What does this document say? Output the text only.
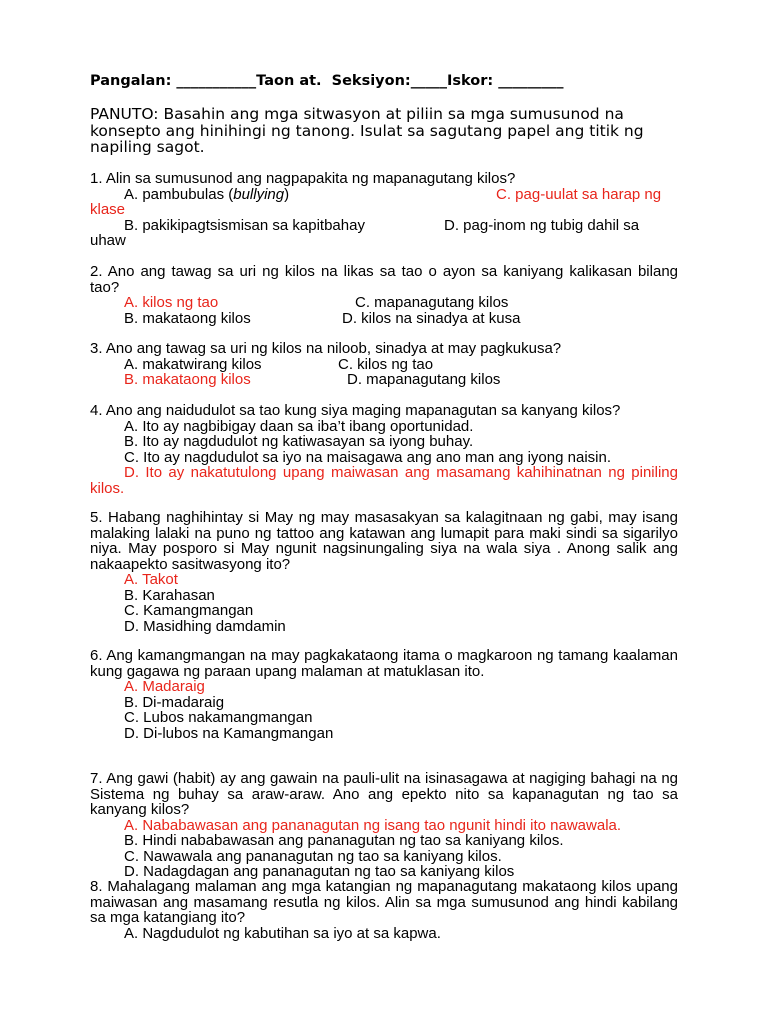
Pangalan: ___________Taon at.  Seksiyon:_____Iskor: _________
PANUTO: Basahin ang mga sitwasyon at piliin sa mga sumusunod na konsepto ang hinihingi ng tanong. Isulat sa sagutang papel ang titik ng napiling sagot.
1. Alin sa sumusunod ang nagpapakita ng mapanagutang kilos?
A. pambubulas (bullying)	C. pag-uulat sa harap ng
klase
B. pakikipagtsismisan sa kapitbahay	D. pag-inom ng tubig dahil sa
uhaw
2. Ano ang tawag sa uri ng kilos na likas sa tao o ayon sa kaniyang kalikasan bilang tao?
A. kilos ng tao	C. mapanagutang kilos
B. makataong kilos	D. kilos na sinadya at kusa
3. Ano ang tawag sa uri ng kilos na niloob, sinadya at may pagkukusa?
A. makatwirang kilos	C. kilos ng tao
B. makataong kilos	D. mapanagutang kilos
4. Ano ang naidudulot sa tao kung siya maging mapanagutan sa kanyang kilos?
A. Ito ay nagbibigay daan sa iba’t ibang oportunidad.
B. Ito ay nagdudulot ng katiwasayan sa iyong buhay.
C. Ito ay nagdudulot sa iyo na maisagawa ang ano man ang iyong naisin.
D. Ito ay nakatutulong upang maiwasan ang masamang kahihinatnan ng piniling kilos.
5. Habang naghihintay si May ng may masasakyan sa kalagitnaan ng gabi, may isang malaking lalaki na puno ng tattoo ang katawan ang lumapit para maki sindi sa sigarilyo niya. May posporo si May ngunit nagsinungaling siya na wala siya . Anong salik ang nakaapekto sasitwasyong ito?
A. Takot
B. Karahasan
C. Kamangmangan
D. Masidhing damdamin
6. Ang kamangmangan na may pagkakataong itama o magkaroon ng tamang kaalaman kung gagawa ng paraan upang malaman at matuklasan ito.
A. Madaraig
B. Di-madaraig
C. Lubos nakamangmangan
D. Di-lubos na Kamangmangan
7. Ang gawi (habit) ay ang gawain na pauli-ulit na isinasagawa at nagiging bahagi na ng Sistema ng buhay sa araw-araw. Ano ang epekto nito sa kapanagutan ng tao sa kanyang kilos?
A. Nababawasan ang pananagutan ng isang tao ngunit hindi ito nawawala.
B. Hindi nababawasan ang pananagutan ng tao sa kaniyang kilos.
C. Nawawala ang pananagutan ng tao sa kaniyang kilos.
D. Nadagdagan ang pananagutan ng tao sa kaniyang kilos
8. Mahalagang malaman ang mga katangian ng mapanagutang makataong kilos upang maiwasan ang masamang resutla ng kilos. Alin sa mga sumusunod ang hindi kabilang sa mga katangiang ito?
A. Nagdudulot ng kabutihan sa iyo at sa kapwa.
